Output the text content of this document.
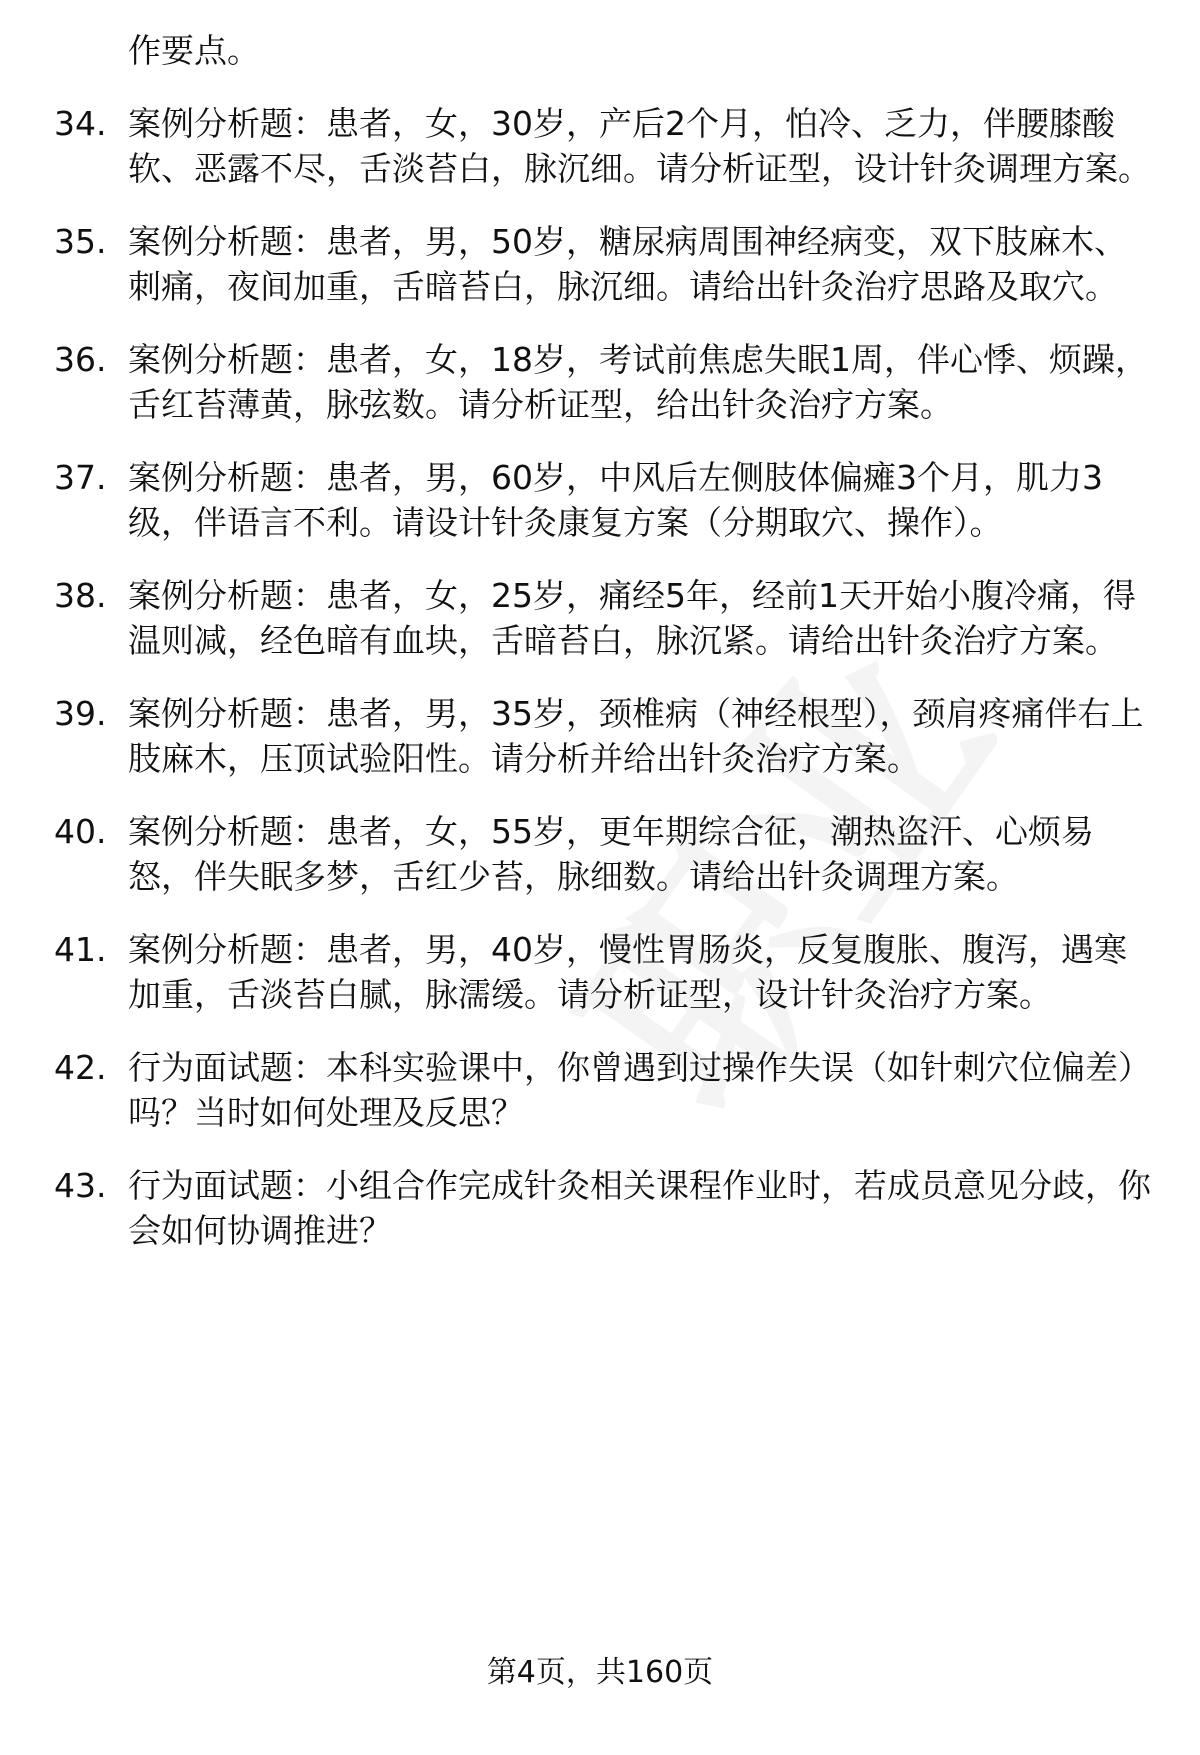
作要点。
34. 案例分析题：患者，女，30岁，产后2个月，怕冷、乏力，伴腰膝酸软、恶露不尽，舌淡苔白，脉沉细。请分析证型，设计针灸调理方案。
35. 案例分析题：患者，男，50岁，糖尿病周围神经病变，双下肢麻木、刺痛，夜间加重，舌暗苔白，脉沉细。请给出针灸治疗思路及取穴。
36. 案例分析题：患者，女，18岁，考试前焦虑失眠1周，伴心悸、烦躁，舌红苔薄黄，脉弦数。请分析证型，给出针灸治疗方案。
37. 案例分析题：患者，男，60岁，中风后左侧肢体偏瘫3个月，肌力3级，伴语言不利。请设计针灸康复方案（分期取穴、操作）。
38. 案例分析题：患者，女，25岁，痛经5年，经前1天开始小腹冷痛，得温则减，经色暗有血块，舌暗苔白，脉沉紧。请给出针灸治疗方案。
39. 案例分析题：患者，男，35岁，颈椎病（神经根型），颈肩疼痛伴右上肢麻木，压顶试验阳性。请分析并给出针灸治疗方案。
40. 案例分析题：患者，女，55岁，更年期综合征，潮热盗汗、心烦易怒，伴失眠多梦，舌红少苔，脉细数。请给出针灸调理方案。
41. 案例分析题：患者，男，40岁，慢性胃肠炎，反复腹胀、腹泻，遇寒加重，舌淡苔白腻，脉濡缓。请分析证型，设计针灸治疗方案。
42. 行为面试题：本科实验课中，你曾遇到过操作失误（如针刺穴位偏差）吗？当时如何处理及反思？
43. 行为面试题：小组合作完成针灸相关课程作业时，若成员意见分歧，你会如何协调推进？
第4页，共160页
